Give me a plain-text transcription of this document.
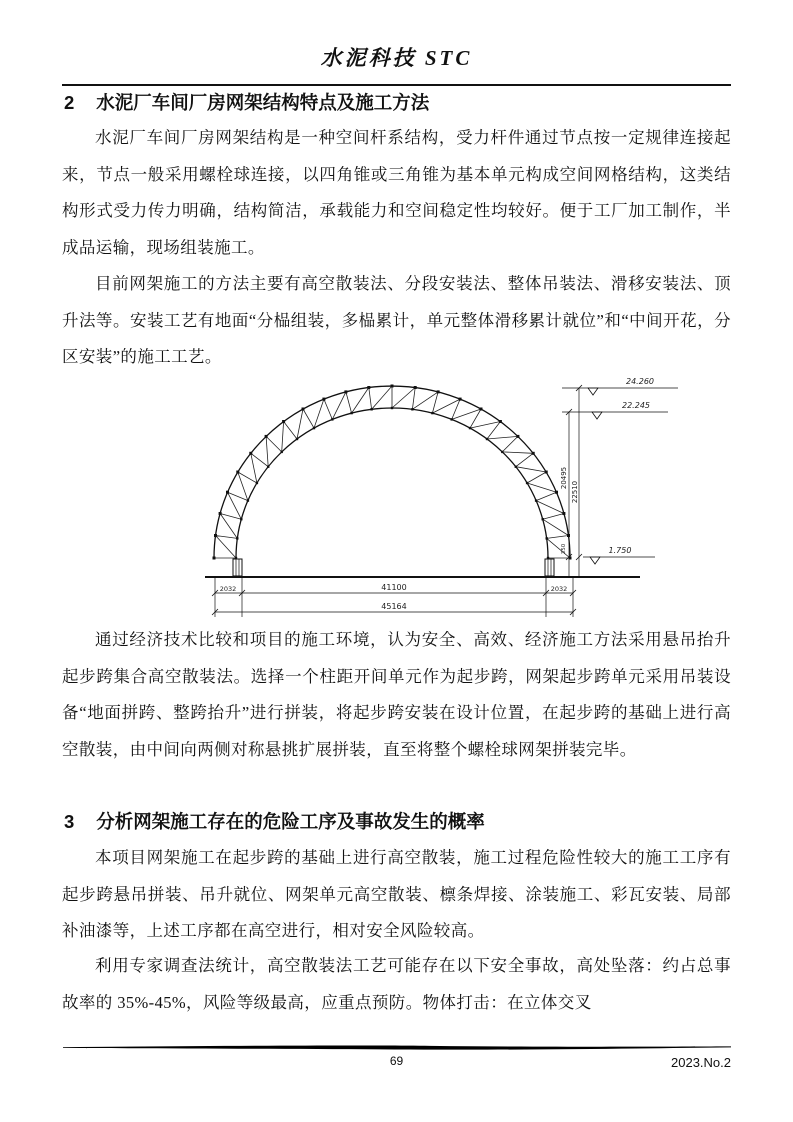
水泥科技 STC
2 水泥厂车间厂房网架结构特点及施工方法
水泥厂车间厂房网架结构是一种空间杆系结构，受力杆件通过节点按一定规律连接起来，节点一般采用螺栓球连接，以四角锥或三角锥为基本单元构成空间网格结构，这类结构形式受力传力明确，结构简洁，承载能力和空间稳定性均较好。便于工厂加工制作，半成品运输，现场组装施工。
目前网架施工的方法主要有高空散装法、分段安装法、整体吊装法、滑移安装法、顶升法等。安装工艺有地面“分榀组装，多榀累计，单元整体滑移累计就位”和“中间开花，分区安装”的施工工艺。
24.260
22.245
1.750
20495
22510
350
41100
2032	2032
45164
通过经济技术比较和项目的施工环境，认为安全、高效、经济施工方法采用悬吊抬升起步跨集合高空散装法。选择一个柱距开间单元作为起步跨，网架起步跨单元采用吊装设备“地面拼跨、整跨抬升”进行拼装，将起步跨安装在设计位置，在起步跨的基础上进行高空散装，由中间向两侧对称悬挑扩展拼装，直至将整个螺栓球网架拼装完毕。
3 分析网架施工存在的危险工序及事故发生的概率
本项目网架施工在起步跨的基础上进行高空散装，施工过程危险性较大的施工工序有起步跨悬吊拼装、吊升就位、网架单元高空散装、檩条焊接、涂装施工、彩瓦安装、局部补油漆等，上述工序都在高空进行，相对安全风险较高。
利用专家调查法统计，高空散装法工艺可能存在以下安全事故，高处坠落：约占总事故率的 35%-45%，风险等级最高，应重点预防。物体打击：在立体交叉
69	2023.No.2
